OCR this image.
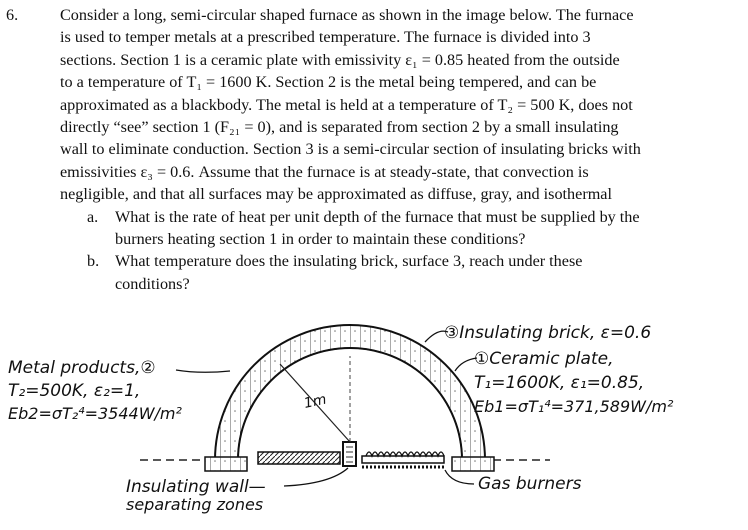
6.	Consider a long, semi-circular shaped furnace as shown in the image below. The furnace
is used to temper metals at a prescribed temperature. The furnace is divided into 3
sections. Section 1 is a ceramic plate with emissivity ε₁ = 0.85 heated from the outside
to a temperature of T₁ = 1600 K. Section 2 is the metal being tempered, and can be
approximated as a blackbody. The metal is held at a temperature of T₂ = 500 K, does not
directly “see” section 1 (F₂₁ = 0), and is separated from section 2 by a small insulating
wall to eliminate conduction. Section 3 is a semi-circular section of insulating bricks with
emissivities ε₃ = 0.6. Assume that the furnace is at steady-state, that convection is
negligible, and that all surfaces may be approximated as diffuse, gray, and isothermal
a. What is the rate of heat per unit depth of the furnace that must be supplied by the
burners heating section 1 in order to maintain these conditions?
b. What temperature does the insulating brick, surface 3, reach under these
conditions?
1m
③Insulating brick, ε=0.6
Metal products,②
T₂=500K, ε₂=1,
Eb2=σT₂⁴=3544W/m²
①Ceramic plate,
T₁=1600K, ε₁=0.85,
Eb1=σT₁⁴=371,589W/m²
Insulating wall—
separating zones
Gas burners
